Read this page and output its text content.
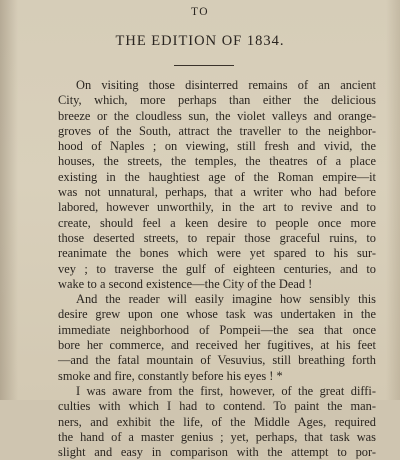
TO
THE EDITION OF 1834.
On visiting those disinterred remains of an ancient
City, which, more perhaps than either the delicious
breeze or the cloudless sun, the violet valleys and orange-
groves of the South, attract the traveller to the neighbor-
hood of Naples ; on viewing, still fresh and vivid, the
houses, the streets, the temples, the theatres of a place
existing in the haughtiest age of the Roman empire—it
was not unnatural, perhaps, that a writer who had before
labored, however unworthily, in the art to revive and to
create, should feel a keen desire to people once more
those deserted streets, to repair those graceful ruins, to
reanimate the bones which were yet spared to his sur-
vey ; to traverse the gulf of eighteen centuries, and to
wake to a second existence—the City of the Dead !
And the reader will easily imagine how sensibly this
desire grew upon one whose task was undertaken in the
immediate neighborhood of Pompeii—the sea that once
bore her commerce, and received her fugitives, at his feet
—and the fatal mountain of Vesuvius, still breathing forth
smoke and fire, constantly before his eyes ! *
I was aware from the first, however, of the great diffi-
culties with which I had to contend. To paint the man-
ners, and exhibit the life, of the Middle Ages, required
the hand of a master genius ; yet, perhaps, that task was
slight and easy in comparison with the attempt to por-
